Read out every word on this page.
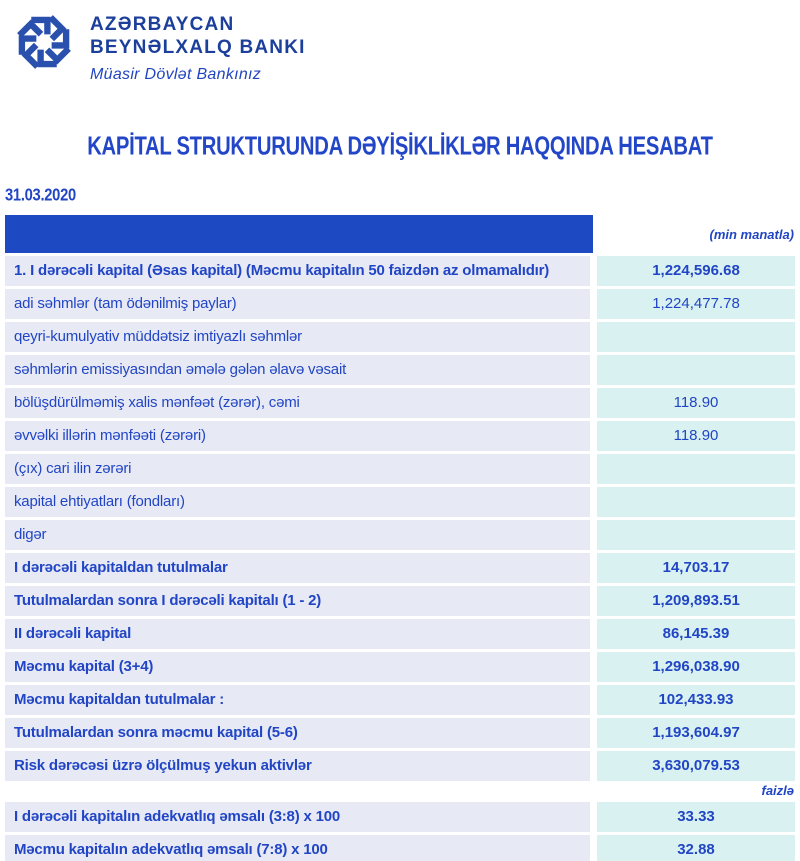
AZƏRBAYCAN
BEYNƏLXALQ BANKI
Müasir Dövlət Bankınız
KAPİTAL STRUKTURUNDA DƏYİŞİKLİKLƏR HAQQINDA HESABAT
31.03.2020
(min manatla)
1. I dərəcəli kapital (Əsas kapital) (Məcmu kapitalın 50 faizdən az olmamalıdır)	1,224,596.68
adi səhmlər (tam ödənilmiş paylar)	1,224,477.78
qeyri-kumulyativ müddətsiz imtiyazlı səhmlər
səhmlərin emissiyasından əmələ gələn əlavə vəsait
bölüşdürülməmiş xalis mənfəət (zərər), cəmi	118.90
əvvəlki illərin mənfəəti (zərəri)	118.90
(çıx) cari ilin zərəri
kapital ehtiyatları (fondları)
digər
I dərəcəli kapitaldan tutulmalar	14,703.17
Tutulmalardan sonra I dərəcəli kapitalı (1 - 2)	1,209,893.51
II dərəcəli kapital	86,145.39
Məcmu kapital (3+4)	1,296,038.90
Məcmu kapitaldan tutulmalar :	102,433.93
Tutulmalardan sonra məcmu kapital (5-6)	1,193,604.97
Risk dərəcəsi üzrə ölçülmuş yekun aktivlər	3,630,079.53
faizlə
I dərəcəli kapitalın adekvatlıq əmsalı (3:8) x 100	33.33
Məcmu kapitalın adekvatlıq əmsalı (7:8) x 100	32.88
